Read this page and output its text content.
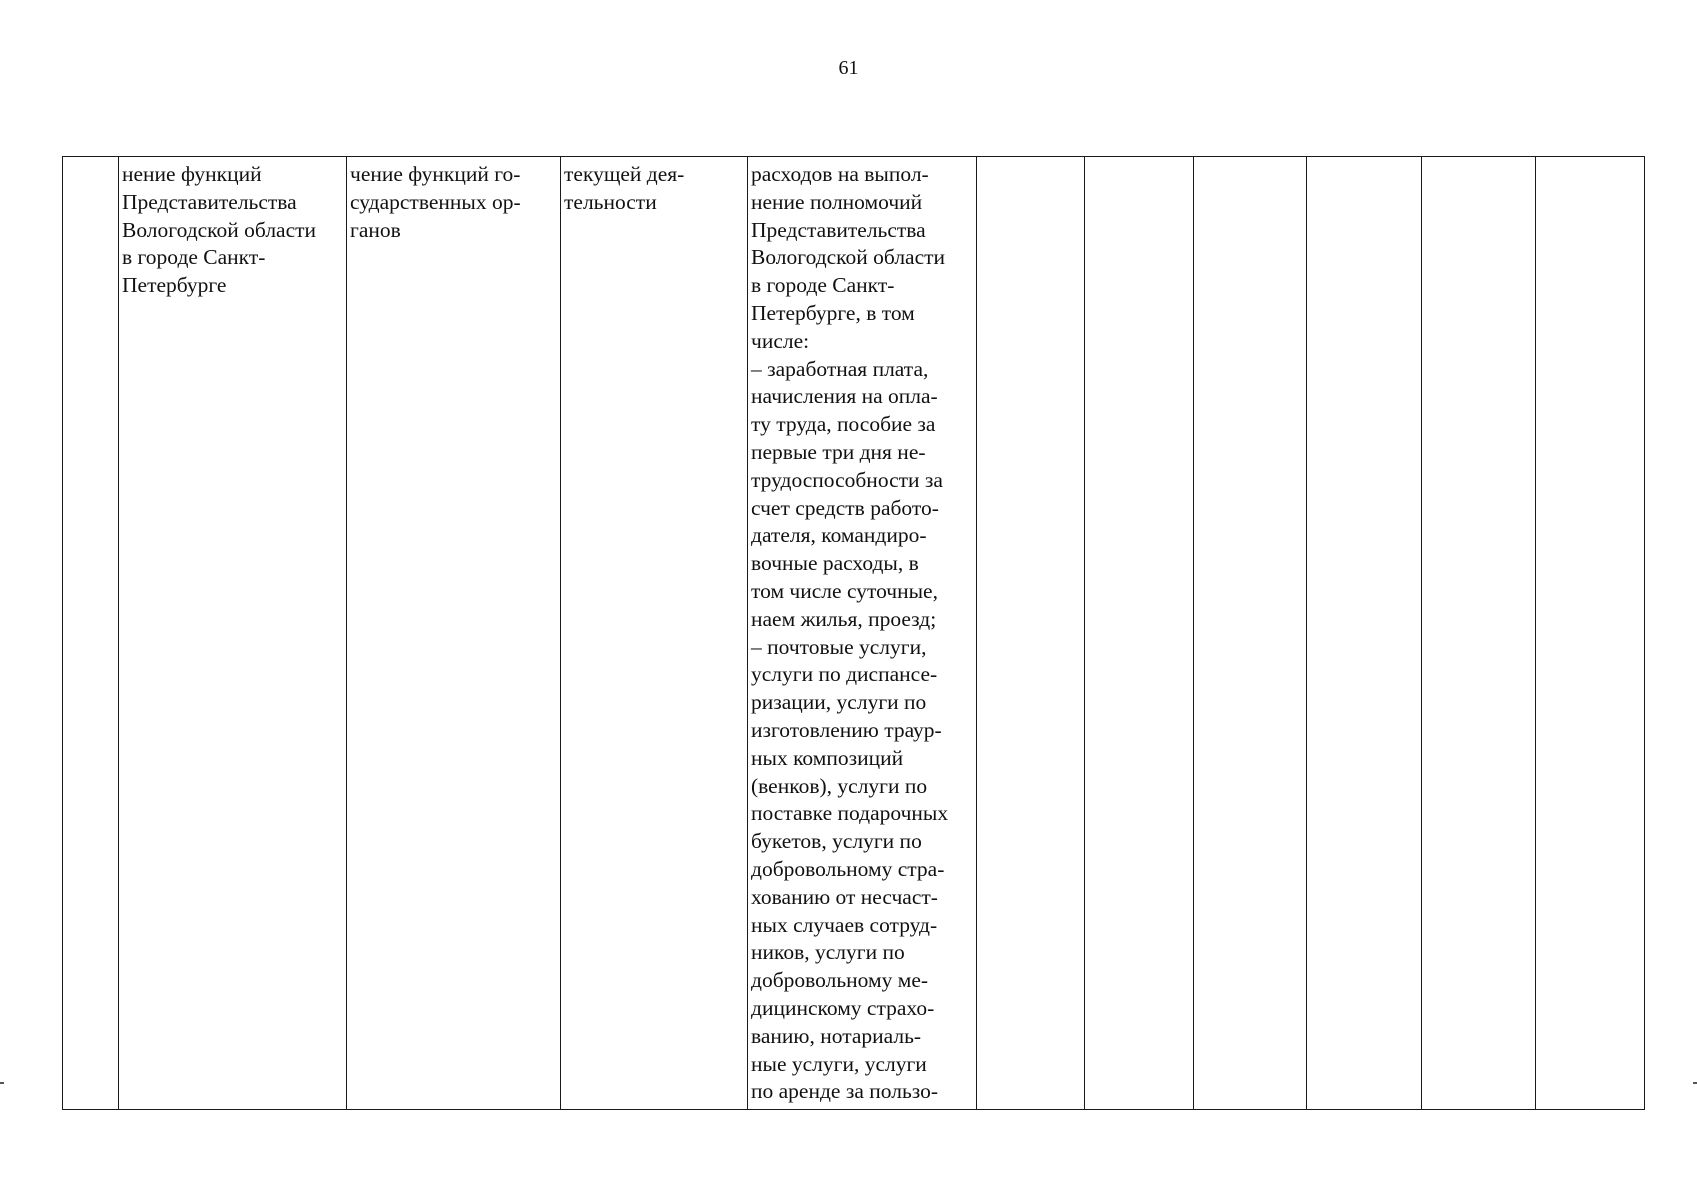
61
	нение функций
Представительства
Вологодской области
в городе Санкт-
Петербурге	чение функций го-
сударственных ор-
ганов	текущей дея-
тельности	расходов на выпол-
нение полномочий
Представительства
Вологодской области
в городе Санкт-
Петербурге, в том
числе:
– заработная плата,
начисления на опла-
ту труда, пособие за
первые три дня не-
трудоспособности за
счет средств работо-
дателя, командиро-
вочные расходы, в
том числе суточные,
наем жилья, проезд;
– почтовые услуги,
услуги по диспансе-
ризации, услуги по
изготовлению траур-
ных композиций
(венков), услуги по
поставке подарочных
букетов, услуги по
добровольному стра-
хованию от несчаст-
ных случаев сотруд-
ников, услуги по
добровольному ме-
дицинскому страхо-
ванию, нотариаль-
ные услуги, услуги
по аренде за пользо-						
